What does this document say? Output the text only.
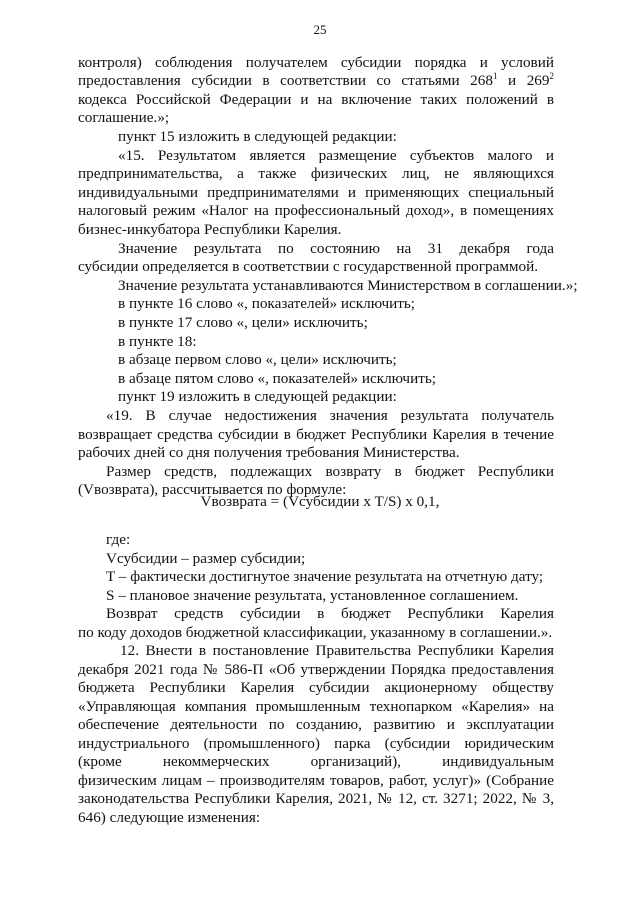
25
контроля) соблюдения получателем субсидии порядка и условий
предоставления субсидии в соответствии со статьями $268^1$ и $269^2$
кодекса Российской Федерации и на включение таких положений в
соглашение.»;
пункт 15 изложить в следующей редакции:
«15. Результатом является размещение субъектов малого и
предпринимательства, а также физических лиц, не являющихся
индивидуальными предпринимателями и применяющих специальный
налоговый режим «Налог на профессиональный доход», в помещениях
бизнес-инкубатора Республики Карелия.
Значение результата по состоянию на 31 декабря года
субсидии определяется в соответствии с государственной программой.
Значение результата устанавливаются Министерством в соглашении.»;
в пункте 16 слово «, показателей» исключить;
в пункте 17 слово «, цели» исключить;
в пункте 18:
в абзаце первом слово «, цели» исключить;
в абзаце пятом слово «, показателей» исключить;
пункт 19 изложить в следующей редакции:
«19. В случае недостижения значения результата получатель
возвращает средства субсидии в бюджет Республики Карелия в течение
рабочих дней со дня получения требования Министерства.
Размер средств, подлежащих возврату в бюджет Республики
(Vвозврата), рассчитывается по формуле:
Vвозврата = (Vсубсидии x T/S) x 0,1,
где:
Vсубсидии – размер субсидии;
T – фактически достигнутое значение результата на отчетную дату;
S – плановое значение результата, установленное соглашением.
Возврат средств субсидии в бюджет Республики Карелия
по коду доходов бюджетной классификации, указанному в соглашении.».
12. Внести в постановление Правительства Республики Карелия
декабря 2021 года № 586-П «Об утверждении Порядка предоставления
бюджета Республики Карелия субсидии акционерному обществу
«Управляющая компания промышленным технопарком «Карелия» на
обеспечение деятельности по созданию, развитию и эксплуатации
индустриального (промышленного) парка (субсидии юридическим
(кроме некоммерческих организаций), индивидуальным
физическим лицам – производителям товаров, работ, услуг)» (Собрание
законодательства Республики Карелия, 2021, № 12, ст. 3271; 2022, № 3,
646) следующие изменения:
